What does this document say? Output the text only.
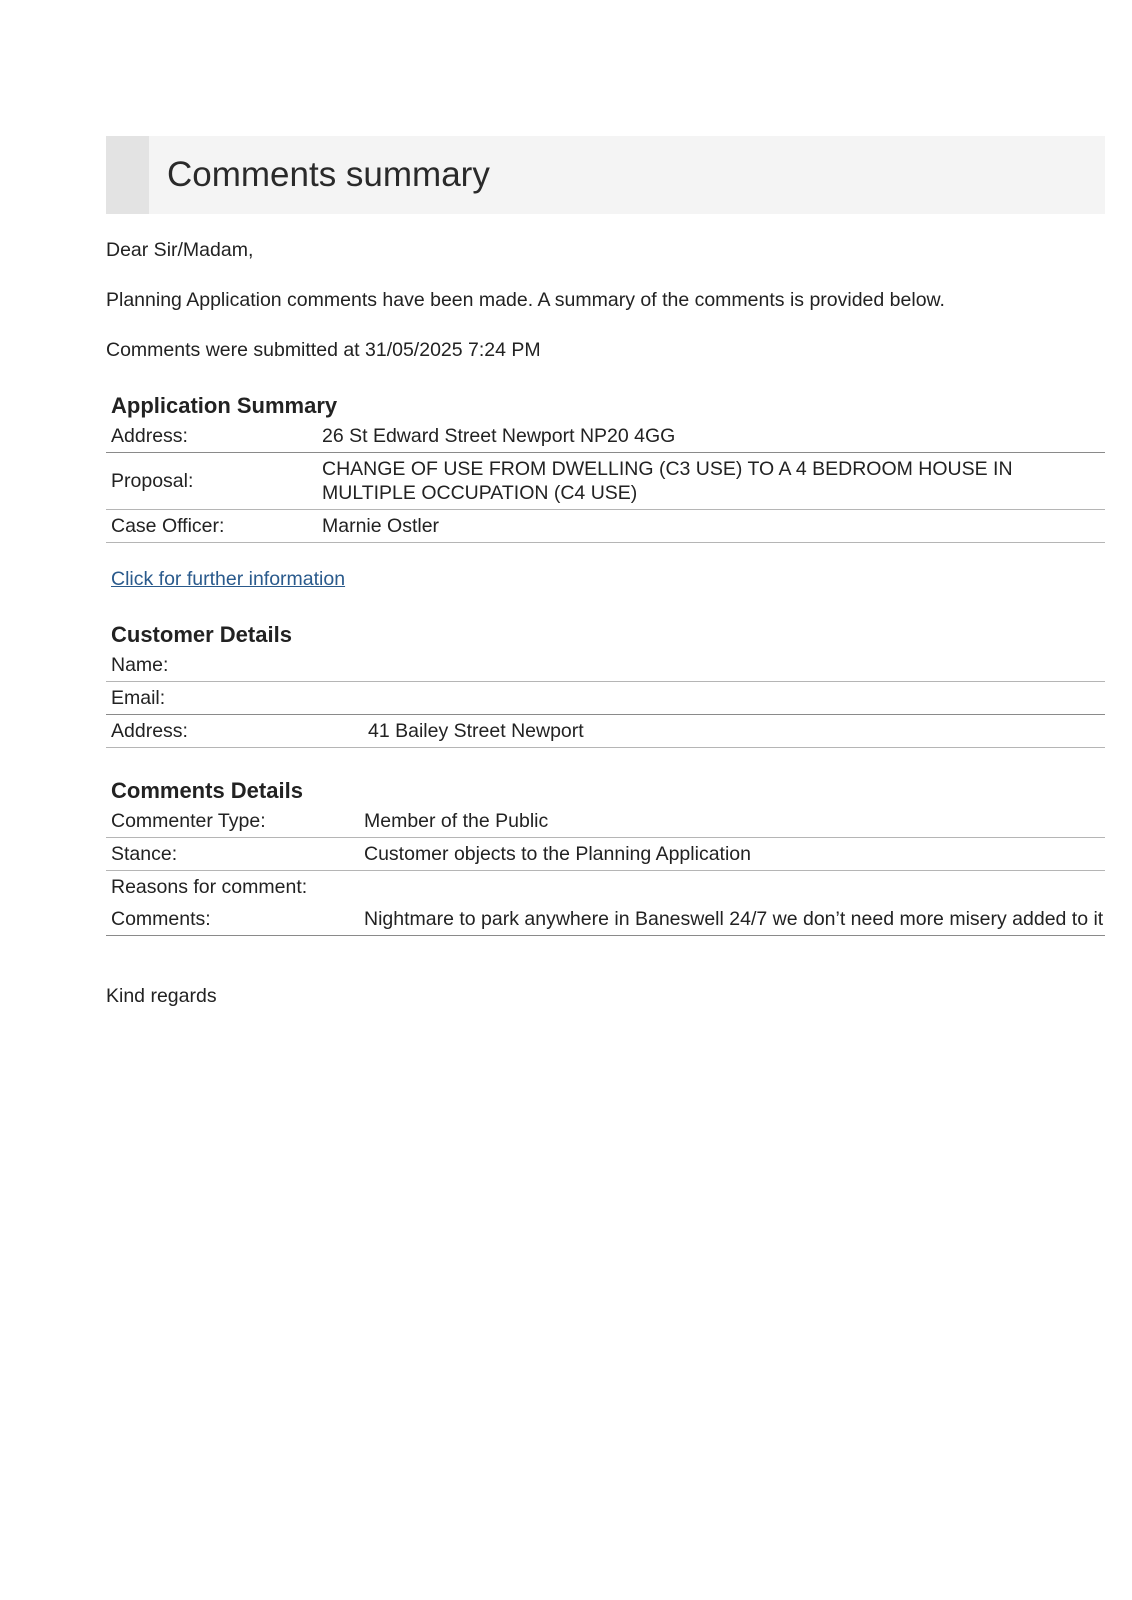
Comments summary

Dear Sir/Madam,

Planning Application comments have been made. A summary of the comments is provided below.

Comments were submitted at 31/05/2025 7:24 PM

Application Summary
Address:	26 St Edward Street Newport NP20 4GG
Proposal:	CHANGE OF USE FROM DWELLING (C3 USE) TO A 4 BEDROOM HOUSE IN MULTIPLE OCCUPATION (C4 USE)
Case Officer:	Marnie Ostler
Click for further information
Customer Details
Name:	
Email:	
Address:	41 Bailey Street Newport
Comments Details
Commenter Type:	Member of the Public
Stance:	Customer objects to the Planning Application
Reasons for comment:	
Comments:	Nightmare to park anywhere in Baneswell 24/7 we don’t need more misery added to it

Kind regards
